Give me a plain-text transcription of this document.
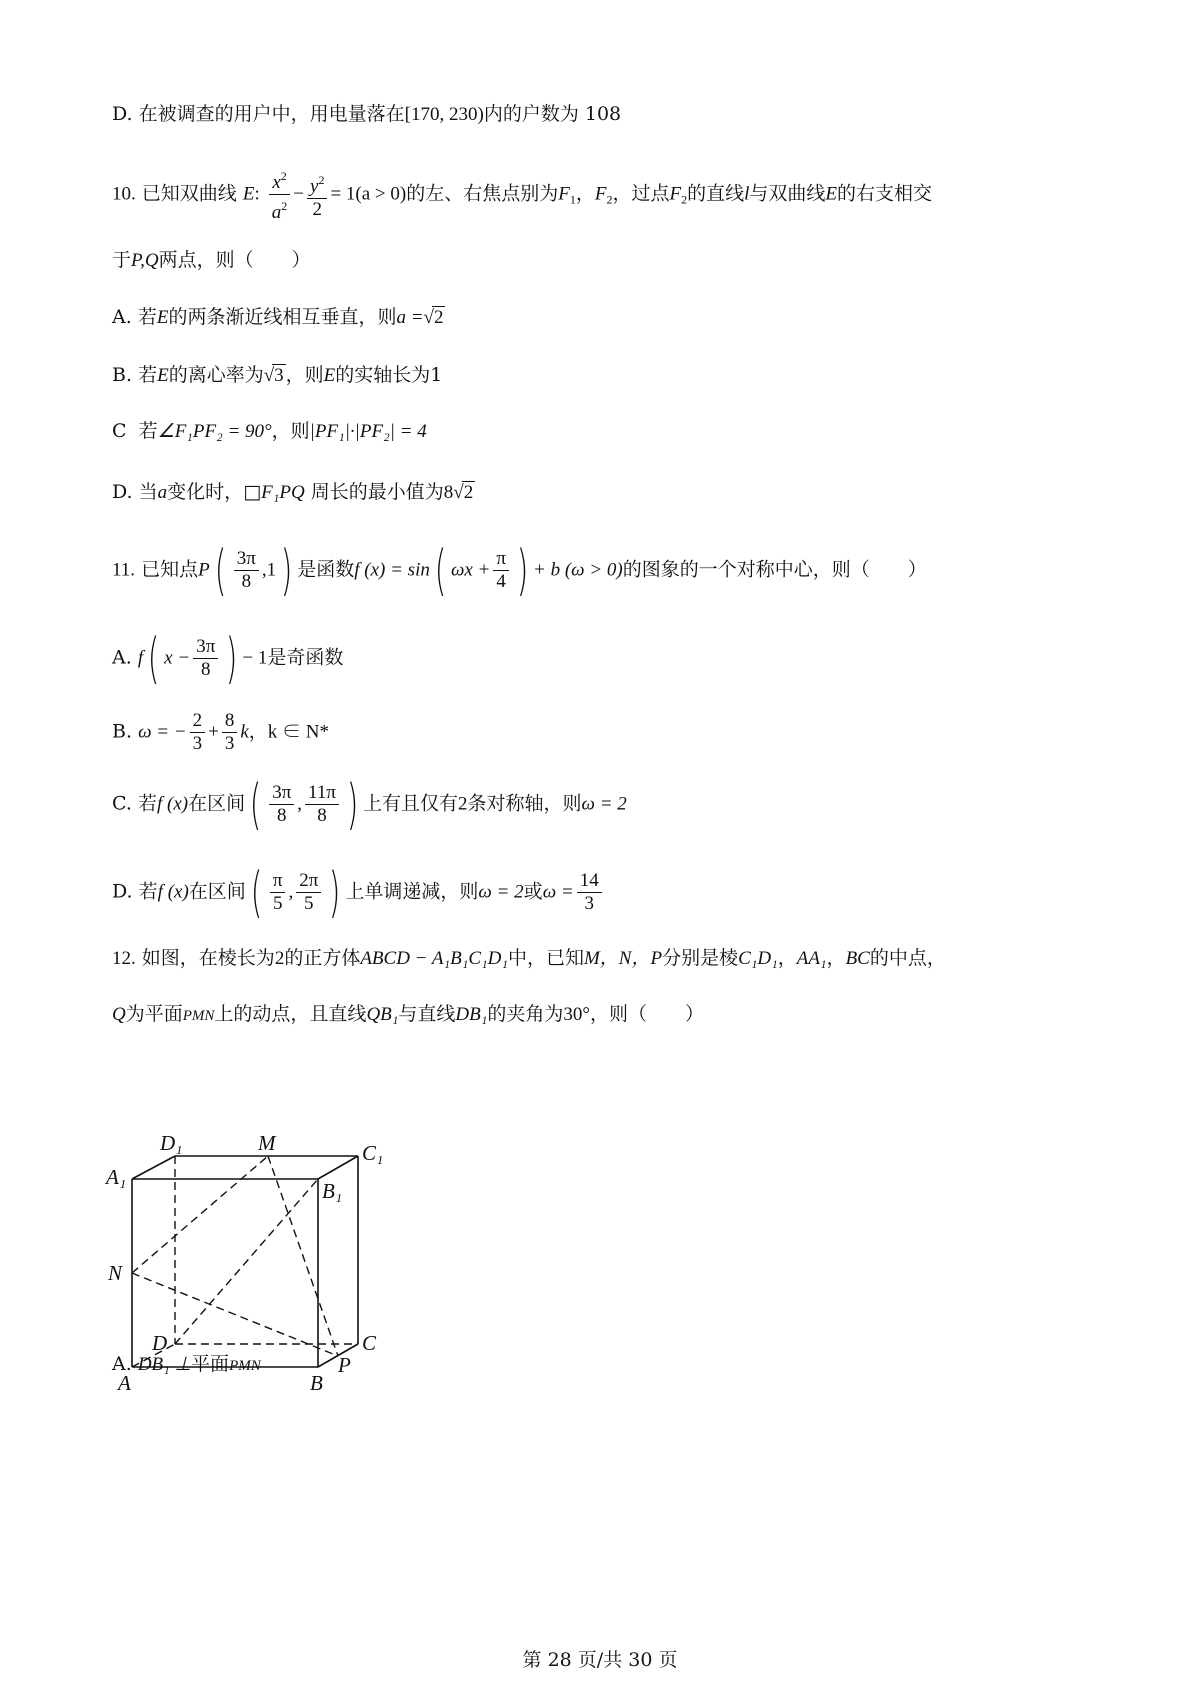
D. 在被调查的用户中，用电量落在[170, 230)内的户数为 108
10. 已知双曲线 E: $\frac{x^2}{a^2} - \frac{y^2}{2} = 1(a > 0)$的左、右焦点别为$F_1$，$F_2$，过点$F_2$的直线l与双曲线E的右支相交
于P,Q两点，则（　　）
A. 若E的两条渐近线相互垂直，则a =√2
B. 若E的离心率为√3 ，则E的实轴长为1
C 若∠F₁PF₂ = 90°，则|PF₁|·|PF₂| = 4
D. 当a变化时，□F₁PQ 周长的最小值为8√2
11. 已知点$P( \frac{3\pi}{8} ,1)$ 是函数f (x) = sin( $\omega x + \frac{\pi}{4}$ ) + b (ω > 0)的图象的一个对称中心，则（　　）
A. f( $x - \frac{3\pi}{8}$ ) − 1是奇函数
B. ω = − $\frac{2}{3} + \frac{8}{3}$ k，k ∈ N*
C. 若f (x)在区间( $\frac{3\pi}{8}$ , $\frac{11\pi}{8}$ ) 上有且仅有2条对称轴，则ω = 2
D. 若f (x)在区间( $\frac{\pi}{5}$ , $\frac{2\pi}{5}$ ) 上单调递减，则ω = 2或$\omega = \frac{14}{3}$
12. 如图，在棱长为2的正方体ABCD − A₁B₁C₁D₁中，已知M，N，P分别是棱C₁D₁，AA₁，BC的中点，
Q为平面PMN上的动点，且直线QB₁与直线DB₁的夹角为30°，则（　　）
D₁	M	C₁
A₁
B₁
N
D	C
P
A	B
A. DB₁ ⊥平面PMN
第 28 页/共 30 页
